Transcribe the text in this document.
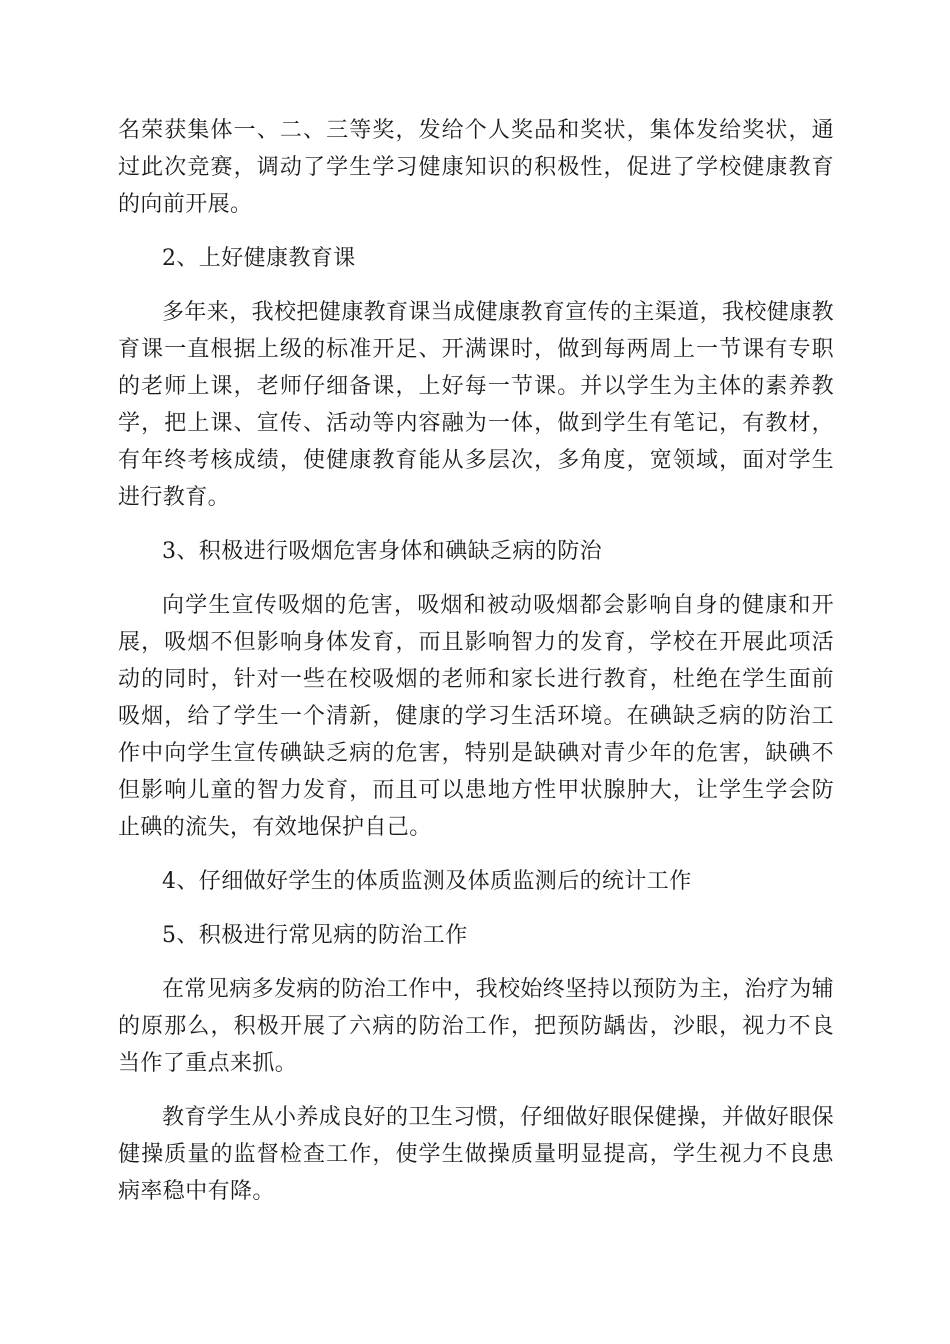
名荣获集体一、二、三等奖，发给个人奖品和奖状，集体发给奖状，通过此次竞赛，调动了学生学习健康知识的积极性，促进了学校健康教育的向前开展。

2、上好健康教育课

多年来，我校把健康教育课当成健康教育宣传的主渠道，我校健康教育课一直根据上级的标准开足、开满课时，做到每两周上一节课有专职的老师上课，老师仔细备课，上好每一节课。并以学生为主体的素养教学，把上课、宣传、活动等内容融为一体，做到学生有笔记，有教材，有年终考核成绩，使健康教育能从多层次，多角度，宽领域，面对学生进行教育。

3、积极进行吸烟危害身体和碘缺乏病的防治

向学生宣传吸烟的危害，吸烟和被动吸烟都会影响自身的健康和开展，吸烟不但影响身体发育，而且影响智力的发育，学校在开展此项活动的同时，针对一些在校吸烟的老师和家长进行教育，杜绝在学生面前吸烟，给了学生一个清新，健康的学习生活环境。在碘缺乏病的防治工作中向学生宣传碘缺乏病的危害，特别是缺碘对青少年的危害，缺碘不但影响儿童的智力发育，而且可以患地方性甲状腺肿大，让学生学会防止碘的流失，有效地保护自己。

4、仔细做好学生的体质监测及体质监测后的统计工作

5、积极进行常见病的防治工作

在常见病多发病的防治工作中，我校始终坚持以预防为主，治疗为辅的原那么，积极开展了六病的防治工作，把预防龋齿，沙眼，视力不良当作了重点来抓。

教育学生从小养成良好的卫生习惯，仔细做好眼保健操，并做好眼保健操质量的监督检查工作，使学生做操质量明显提高，学生视力不良患病率稳中有降。
